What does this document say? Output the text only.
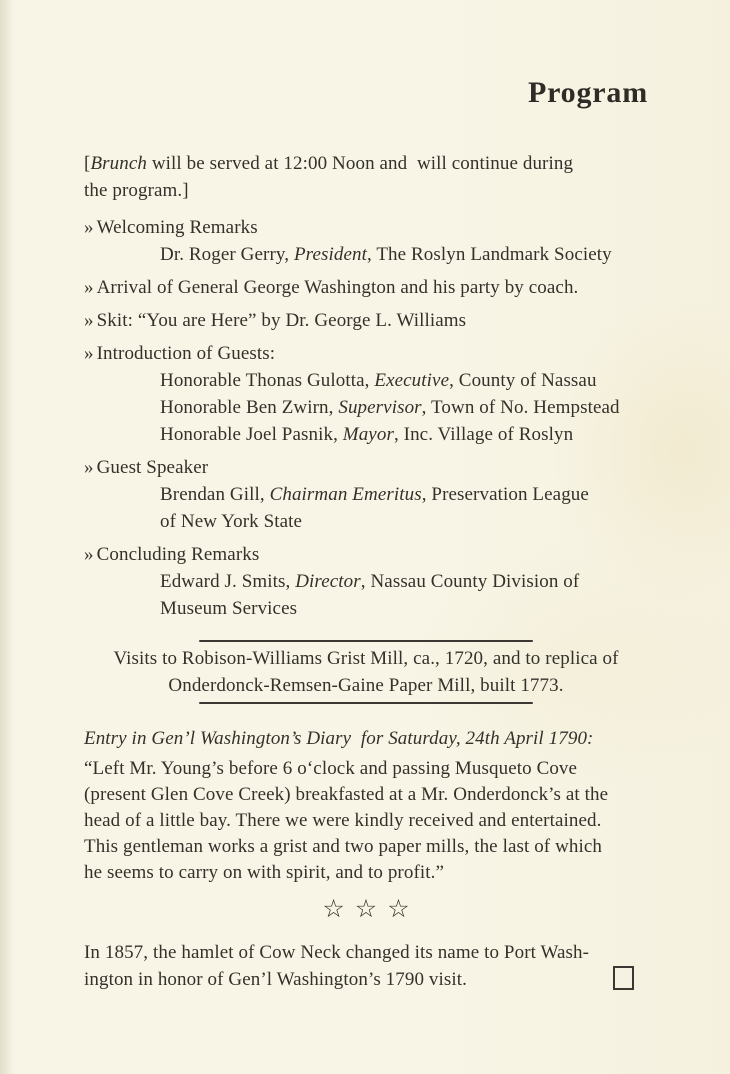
Program
[Brunch will be served at 12:00 Noon and  will continue during
the program.]
» Welcoming Remarks
Dr. Roger Gerry, President, The Roslyn Landmark Society
» Arrival of General George Washington and his party by coach.
» Skit: “You are Here” by Dr. George L. Williams
» Introduction of Guests:
Honorable Thonas Gulotta, Executive, County of Nassau
Honorable Ben Zwirn, Supervisor, Town of No. Hempstead
Honorable Joel Pasnik, Mayor, Inc. Village of Roslyn
» Guest Speaker
Brendan Gill, Chairman Emeritus, Preservation League
of New York State
» Concluding Remarks
Edward J. Smits, Director, Nassau County Division of
Museum Services
Visits to Robison-Williams Grist Mill, ca., 1720, and to replica of
Onderdonck-Remsen-Gaine Paper Mill, built 1773.
Entry in Gen’l Washington’s Diary  for Saturday, 24th April 1790:
“Left Mr. Young’s before 6 o‘clock and passing Musqueto Cove
(present Glen Cove Creek) breakfasted at a Mr. Onderdonck’s at the
head of a little bay. There we were kindly received and entertained.
This gentleman works a grist and two paper mills, the last of which
he seems to carry on with spirit, and to profit.”
☆☆☆
In 1857, the hamlet of Cow Neck changed its name to Port Wash-
ington in honor of Gen’l Washington’s 1790 visit.
